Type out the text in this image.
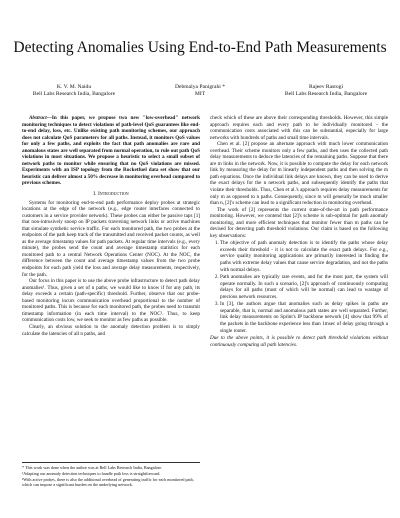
Detecting Anomalies Using End-to-End Path Measurements
K. V. M. Naidu
Bell Labs Research India, Bangalore
Debmalya Panigrahi *
MIT
Rajeev Rastogi
Bell Labs Research India, Bangalore

Abstract—In this paper, we propose two new "low-overhead" network monitoring techniques to detect violations of path-level QoS guarantees like end-to-end delay, loss, etc. Unlike existing path monitoring schemes, our approach does not calculate QoS parameters for all paths. Instead, it monitors QoS values for only a few paths, and exploits the fact that path anomalies are rare and anomalous states are well separated from normal operation, to rule out path QoS violations in most situations. We propose a heuristic to select a small subset of network paths to monitor while ensuring that no QoS violations are missed. Experiments with an ISP topology from the Rocketfuel data set show that our heuristic can deliver almost a 50% decrease in monitoring overhead compared to previous schemes.

I. Introduction

Systems for monitoring end-to-end path performance deploy probes at strategic locations at the edge of the network (e.g., edge router interfaces connected to customers in a service provider network). These probes can either be passive taps [1] that non-intrusively snoop on IP packets traversing network links or active machines that simulate synthetic service traffic. For each monitored path, the two probes at the endpoints of the path keep track of the transmitted and received packet counts, as well as the average timestamp values for path packets. At regular time intervals (e.g., every minute), the probes send the count and average timestamp statistics for each monitored path to a central Network Operations Center (NOC). At the NOC, the difference between the count and average timestamp values from the two probe endpoints for each path yield the loss and average delay measurements, respectively, for the path.

Our focus in this paper is to use the above probe infrastructure to detect path delay anomalies¹. Thus, given a set of n paths, we would like to know if for any path, its delay exceeds a certain (path-specific) threshold. Further, observe that our probe-based monitoring incurs communication overhead proportional to the number of monitored paths. This is because for each monitored path, the probes need to transmit timestamp information (in each time interval) to the NOC². Thus, to keep communication costs low, we seek to monitor as few paths as possible.

Clearly, an obvious solution to the anomaly detection problem is to simply calculate the latencies of all n paths, and

* This work was done when the author was at Bell Labs Research India, Bangalore.
¹Adapting our anomaly detection techniques to handle path loss is straightforward.
²With active probes, there is also the additional overhead of generating traffic for each monitored path, which can impose a significant burden on the underlying network.

check which of these are above their corresponding thresholds. However, this simple approach requires each and every path to be individually monitored - the communication costs associated with this can be substantial, especially for large networks with hundreds of paths and small time intervals.

Chen et al. [2] propose an alternate approach with much lower communication overhead. Their scheme monitors only a few paths, and then uses the collected path delay measurements to deduce the latencies of the remaining paths. Suppose that there are m links in the network. Now, it is possible to compute the delay for each network link by measuring the delay for m linearly independent paths and then solving the m path equations. Once the individual link delays are known, they can be used to derive the exact delays for the n network paths, and subsequently identify the paths that violate their thresholds. Thus, Chen et al.'s approach requires delay measurements for only m as opposed to n paths. Consequently, since m will generally be much smaller than n, [2]'s scheme can lead to a significant reduction in monitoring overhead.

The work of [2] represents the current state-of-the-art in path performance monitoring. However, we contend that [2]'s scheme is sub-optimal for path anomaly monitoring, and more efficient techniques that monitor fewer than m paths can be devised for detecting path threshold violations. Our claim is based on the following key observations:

1. The objective of path anomaly detection is to identify the paths whose delay exceeds their threshold - it is not to calculate the exact path delays. For e.g., service quality monitoring applications are primarily interested in finding the paths with extreme delay values that cause service degradation, and not the paths with normal delays.
2. Path anomalies are typically rare events, and for the most part, the system will operate normally. In such a scenario, [2]'s approach of continuously computing delays for all paths (most of which will be normal) can lead to wastage of precious network resources.
3. In [3], the authors argue that anomalies such as delay spikes in paths are separable, that is, normal and anomalous path states are well separated. Further, link delay measurements on Sprint's IP backbone network [4] show that 99% of the packets in the backbone experience less than 1msec of delay going through a single router.

Due to the above points, it is possible to detect path threshold violations without continuously computing all path latencies.
